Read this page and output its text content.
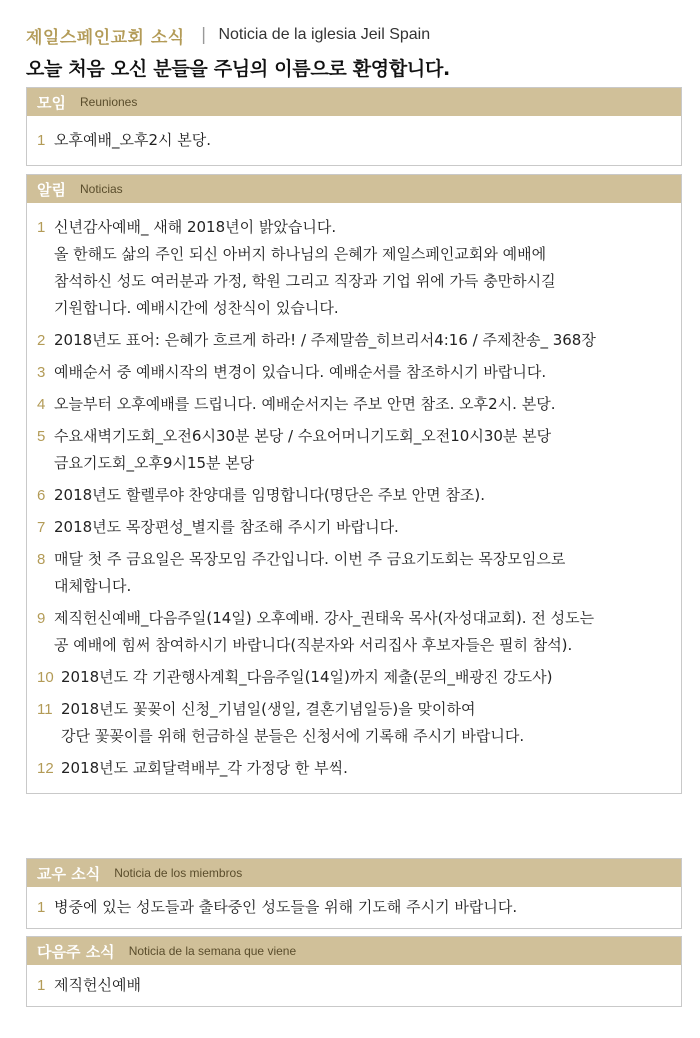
제일스페인교회 소식 | Noticia de la iglesia Jeil Spain
오늘 처음 오신 분들을 주님의 이름으로 환영합니다.
모임 Reuniones
1 오후예배_오후2시 본당.
알림 Noticias
1 신년감사예배_ 새해 2018년이 밝았습니다.
올 한해도 삶의 주인 되신 아버지 하나님의 은혜가 제일스페인교회와 예배에
참석하신 성도 여러분과 가정, 학원 그리고 직장과 기업 위에 가득 충만하시길
기원합니다. 예배시간에 성찬식이 있습니다.
2 2018년도 표어: 은혜가 흐르게 하라! / 주제말씀_히브리서4:16 / 주제찬송_ 368장
3 예배순서 중 예배시작의 변경이 있습니다. 예배순서를 참조하시기 바랍니다.
4 오늘부터 오후예배를 드립니다. 예배순서지는 주보 안면 참조. 오후2시. 본당.
5 수요새벽기도회_오전6시30분 본당 / 수요어머니기도회_오전10시30분 본당
금요기도회_오후9시15분 본당
6 2018년도 할렐루야 찬양대를 임명합니다(명단은 주보 안면 참조).
7 2018년도 목장편성_별지를 참조해 주시기 바랍니다.
8 매달 첫 주 금요일은 목장모임 주간입니다. 이번 주 금요기도회는 목장모임으로
대체합니다.
9 제직헌신예배_다음주일(14일) 오후예배. 강사_권태욱 목사(자성대교회). 전 성도는
공 예배에 힘써 참여하시기 바랍니다(직분자와 서리집사 후보자들은 필히 참석).
10 2018년도 각 기관행사계획_다음주일(14일)까지 제출(문의_배광진 강도사)
11 2018년도 꽃꽂이 신청_기념일(생일, 결혼기념일등)을 맞이하여
강단 꽃꽂이를 위해 헌금하실 분들은 신청서에 기록해 주시기 바랍니다.
12 2018년도 교회달력배부_각 가정당 한 부씩.
교우 소식 Noticia de los miembros
1 병중에 있는 성도들과 출타중인 성도들을 위해 기도해 주시기 바랍니다.
다음주 소식 Noticia de la semana que viene
1 제직헌신예배
